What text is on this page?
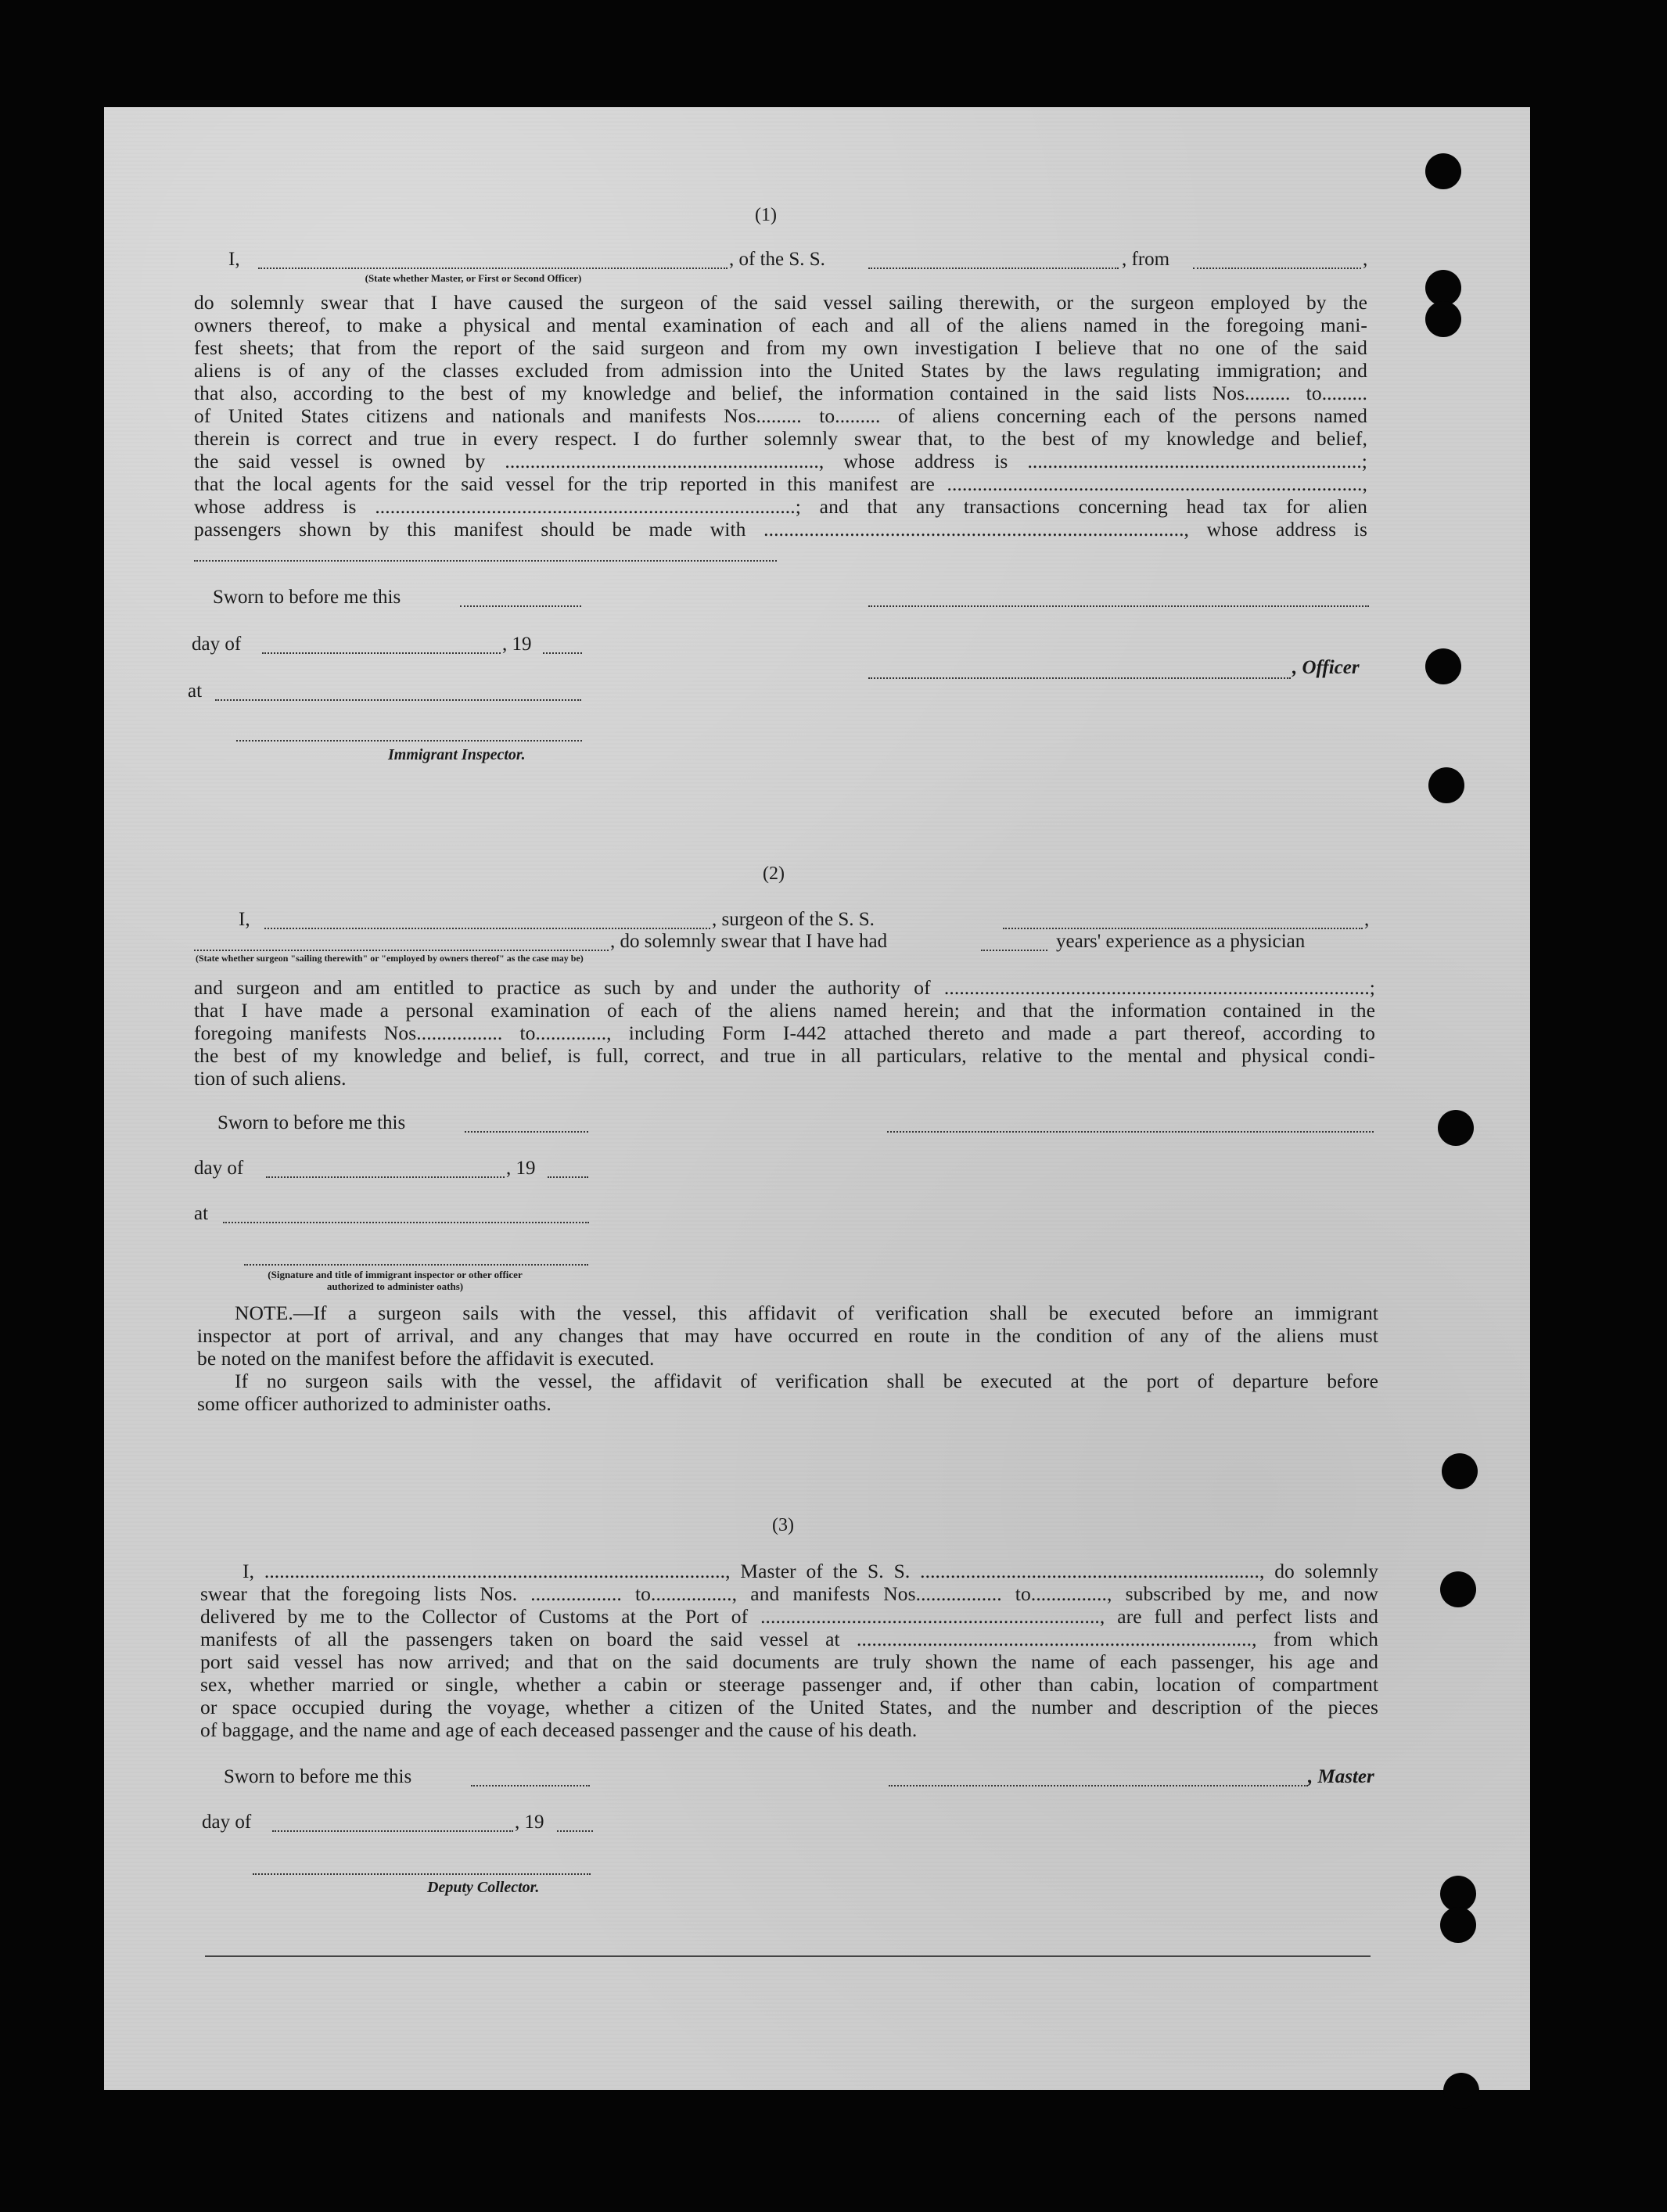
(1)
I,	, of the S. S.	, from	,
(State whether Master, or First or Second Officer)
do solemnly swear that I have caused the surgeon of the said vessel sailing therewith, or the surgeon employed by the
owners thereof, to make a physical and mental examination of each and all of the aliens named in the foregoing mani-
fest sheets; that from the report of the said surgeon and from my own investigation I believe that no one of the said
aliens is of any of the classes excluded from admission into the United States by the laws regulating immigration; and
that also, according to the best of my knowledge and belief, the information contained in the said lists Nos......... to.........
of United States citizens and nationals and manifests Nos......... to......... of aliens concerning each of the persons named
therein is correct and true in every respect. I do further solemnly swear that, to the best of my knowledge and belief,
the said vessel is owned by .............................................................., whose address is ..................................................................;
that the local agents for the said vessel for the trip reported in this manifest are ..................................................................................,
whose address is ...................................................................................; and that any transactions concerning head tax for alien
passengers shown by this manifest should be made with ..................................................................................., whose address is
Sworn to before me this
day of	, 19
, Officer
at
Immigrant Inspector.
(2)
I,	, surgeon of the S. S.	,
, do solemnly swear that I have had	years' experience as a physician
(State whether surgeon "sailing therewith" or "employed by owners thereof" as the case may be)
and surgeon and am entitled to practice as such by and under the authority of ....................................................................................;
that I have made a personal examination of each of the aliens named herein; and that the information contained in the
foregoing manifests Nos................. to.............., including Form I-442 attached thereto and made a part thereof, according to
the best of my knowledge and belief, is full, correct, and true in all particulars, relative to the mental and physical condi-
tion of such aliens.
Sworn to before me this
day of	, 19
at
(Signature and title of immigrant inspector or other officer authorized to administer oaths)
NOTE.—If a surgeon sails with the vessel, this affidavit of verification shall be executed before an immigrant
inspector at port of arrival, and any changes that may have occurred en route in the condition of any of the aliens must
be noted on the manifest before the affidavit is executed.
If no surgeon sails with the vessel, the affidavit of verification shall be executed at the port of departure before
some officer authorized to administer oaths.
(3)
I, ..........................................................................................., Master of the S. S. ..................................................................., do solemnly
swear that the foregoing lists Nos. .................. to................, and manifests Nos................. to..............., subscribed by me, and now
delivered by me to the Collector of Customs at the Port of ..................................................................., are full and perfect lists and
manifests of all the passengers taken on board the said vessel at .............................................................................., from which
port said vessel has now arrived; and that on the said documents are truly shown the name of each passenger, his age and
sex, whether married or single, whether a cabin or steerage passenger and, if other than cabin, location of compartment
or space occupied during the voyage, whether a citizen of the United States, and the number and description of the pieces
of baggage, and the name and age of each deceased passenger and the cause of his death.
Sworn to before me this	, Master
day of	, 19
Deputy Collector.
